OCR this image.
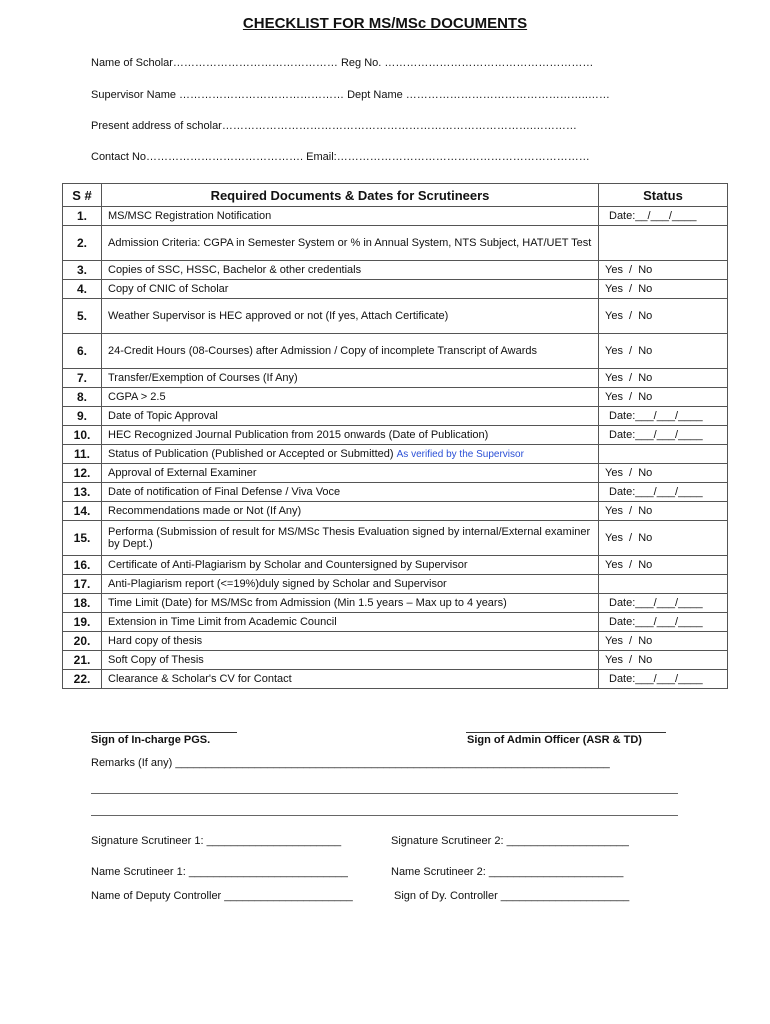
CHECKLIST FOR MS/MSc DOCUMENTS
Name of Scholar……………………………………… Reg No. …………………………………………………
Supervisor Name ……………………………………… Dept Name …………………………………………..……
Present address of scholar………………………………………………………………………….…………
Contact No……………………………………. Email:……………………………………………………………
S #	Required Documents & Dates for Scrutineers	Status
1.	MS/MSC Registration Notification	Date:__/___/____
2.	Admission Criteria: CGPA in Semester System or % in Annual System, NTS Subject, HAT/UET Test	
3.	Copies of SSC, HSSC, Bachelor & other credentials	Yes  /  No
4.	Copy of CNIC of Scholar	Yes  /  No
5.	Weather Supervisor is HEC approved or not (If yes, Attach Certificate)	Yes  /  No
6.	24-Credit Hours (08-Courses) after Admission / Copy of incomplete Transcript of Awards	Yes  /  No
7.	Transfer/Exemption of Courses (If Any)	Yes  /  No
8.	CGPA > 2.5	Yes  /  No
9.	Date of Topic Approval	Date:___/___/____
10.	HEC Recognized Journal Publication from 2015 onwards (Date of Publication)	Date:___/___/____
11.	Status of Publication (Published or Accepted or Submitted) As verified by the Supervisor	
12.	Approval of External Examiner	Yes  /  No
13.	Date of notification of Final Defense / Viva Voce	Date:___/___/____
14.	Recommendations made or Not (If Any)	Yes  /  No
15.	Performa (Submission of result for MS/MSc Thesis Evaluation signed by internal/External examiner by Dept.)	Yes  /  No
16.	Certificate of Anti-Plagiarism by Scholar and Countersigned by Supervisor	Yes  /  No
17.	Anti-Plagiarism report (<=19%)duly signed by Scholar and Supervisor	
18.	Time Limit (Date) for MS/MSc from Admission (Min 1.5 years – Max up to 4 years)	Date:___/___/____
19.	Extension in Time Limit from Academic Council	Date:___/___/____
20.	Hard copy of thesis	Yes  /  No
21.	Soft Copy of Thesis	Yes  /  No
22.	Clearance & Scholar's CV for Contact	Date:___/___/____
Sign of In-charge PGS.	Sign of Admin Officer (ASR & TD)
Remarks (If any) _______________________________________________________________________
Signature Scrutineer 1: ______________________	Signature Scrutineer 2: ____________________
Name Scrutineer 1: __________________________	Name Scrutineer 2: ______________________
Name of Deputy Controller _____________________	Sign of Dy. Controller _____________________
